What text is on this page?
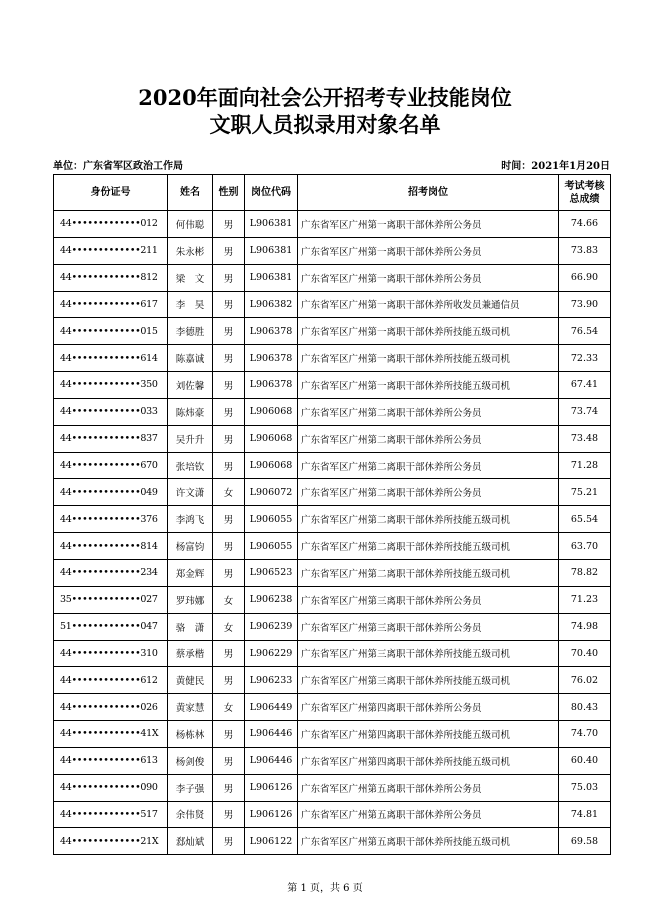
2020年面向社会公开招考专业技能岗位
文职人员拟录用对象名单
单位：广东省军区政治工作局	时间：2021年1月20日
身份证号	姓名	性别	岗位代码	招考岗位	考试考核
总成绩

44•••••••••••••012	何伟聪	男	L906381	广东省军区广州第一离职干部休养所公务员	74.66
44•••••••••••••211	朱永彬	男	L906381	广东省军区广州第一离职干部休养所公务员	73.83
44•••••••••••••812	梁　文	男	L906381	广东省军区广州第一离职干部休养所公务员	66.90
44•••••••••••••617	李　昊	男	L906382	广东省军区广州第一离职干部休养所收发员兼通信员	73.90
44•••••••••••••015	李德胜	男	L906378	广东省军区广州第一离职干部休养所技能五级司机	76.54
44•••••••••••••614	陈嘉诚	男	L906378	广东省军区广州第一离职干部休养所技能五级司机	72.33
44•••••••••••••350	刘佐馨	男	L906378	广东省军区广州第一离职干部休养所技能五级司机	67.41
44•••••••••••••033	陈炜豪	男	L906068	广东省军区广州第二离职干部休养所公务员	73.74
44•••••••••••••837	吴升升	男	L906068	广东省军区广州第二离职干部休养所公务员	73.48
44•••••••••••••670	张培钦	男	L906068	广东省军区广州第二离职干部休养所公务员	71.28
44•••••••••••••049	许文潇	女	L906072	广东省军区广州第二离职干部休养所公务员	75.21
44•••••••••••••376	李鸿飞	男	L906055	广东省军区广州第二离职干部休养所技能五级司机	65.54
44•••••••••••••814	杨富钧	男	L906055	广东省军区广州第二离职干部休养所技能五级司机	63.70
44•••••••••••••234	郑金辉	男	L906523	广东省军区广州第二离职干部休养所技能五级司机	78.82
35•••••••••••••027	罗玮娜	女	L906238	广东省军区广州第三离职干部休养所公务员	71.23
51•••••••••••••047	骆　潇	女	L906239	广东省军区广州第三离职干部休养所公务员	74.98
44•••••••••••••310	蔡承楷	男	L906229	广东省军区广州第三离职干部休养所技能五级司机	70.40
44•••••••••••••612	黄健民	男	L906233	广东省军区广州第三离职干部休养所技能五级司机	76.02
44•••••••••••••026	黄家慧	女	L906449	广东省军区广州第四离职干部休养所公务员	80.43
44•••••••••••••41X	杨栋林	男	L906446	广东省军区广州第四离职干部休养所技能五级司机	74.70
44•••••••••••••613	杨剑俊	男	L906446	广东省军区广州第四离职干部休养所技能五级司机	60.40
44•••••••••••••090	李子强	男	L906126	广东省军区广州第五离职干部休养所公务员	75.03
44•••••••••••••517	余伟贤	男	L906126	广东省军区广州第五离职干部休养所公务员	74.81
44•••••••••••••21X	郄灿斌	男	L906122	广东省军区广州第五离职干部休养所技能五级司机	69.58
第 1 页，共 6 页
